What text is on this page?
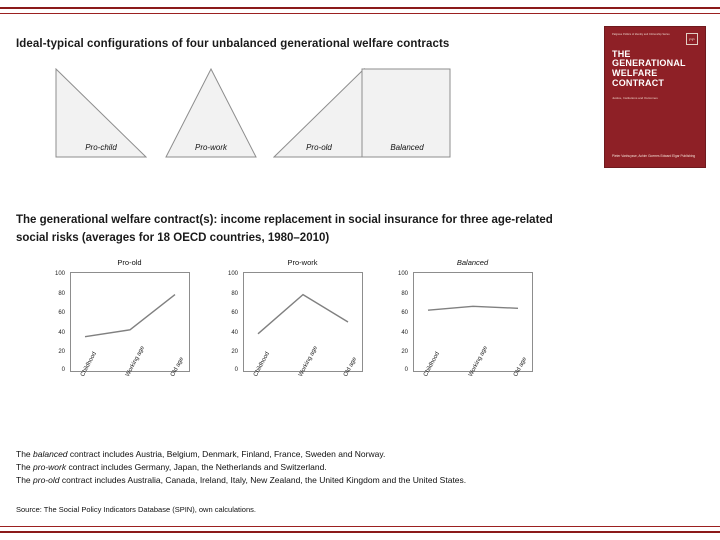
Palgrave Politics of Identity and Citizenship Series
PP
THE GENERATIONAL WELFARE CONTRACT
Justice, Institutions and Outcomes
Pieter Vanhuysse, Achim Goerres Edward Elgar Publishing
Ideal-typical configurations of four unbalanced generational welfare contracts
Pro-child	Pro-work	Pro-old	Balanced
The generational welfare contract(s): income replacement in social insurance for three age-related social risks (averages for 18 OECD countries, 1980–2010)
Pro-old
100
80
60
40
20
0	Childhood	Working age	Old age
Pro-work
100
80
60
40
20
0	Childhood	Working age	Old age
Balanced
100
80
60
40
20
0	Childhood	Working age	Old age
The balanced contract includes Austria, Belgium, Denmark, Finland, France, Sweden and Norway.
The pro-work contract includes Germany, Japan, the Netherlands and Switzerland.
The pro-old contract includes Australia, Canada, Ireland, Italy, New Zealand, the United Kingdom and the United States.
Source: The Social Policy Indicators Database (SPIN), own calculations.
